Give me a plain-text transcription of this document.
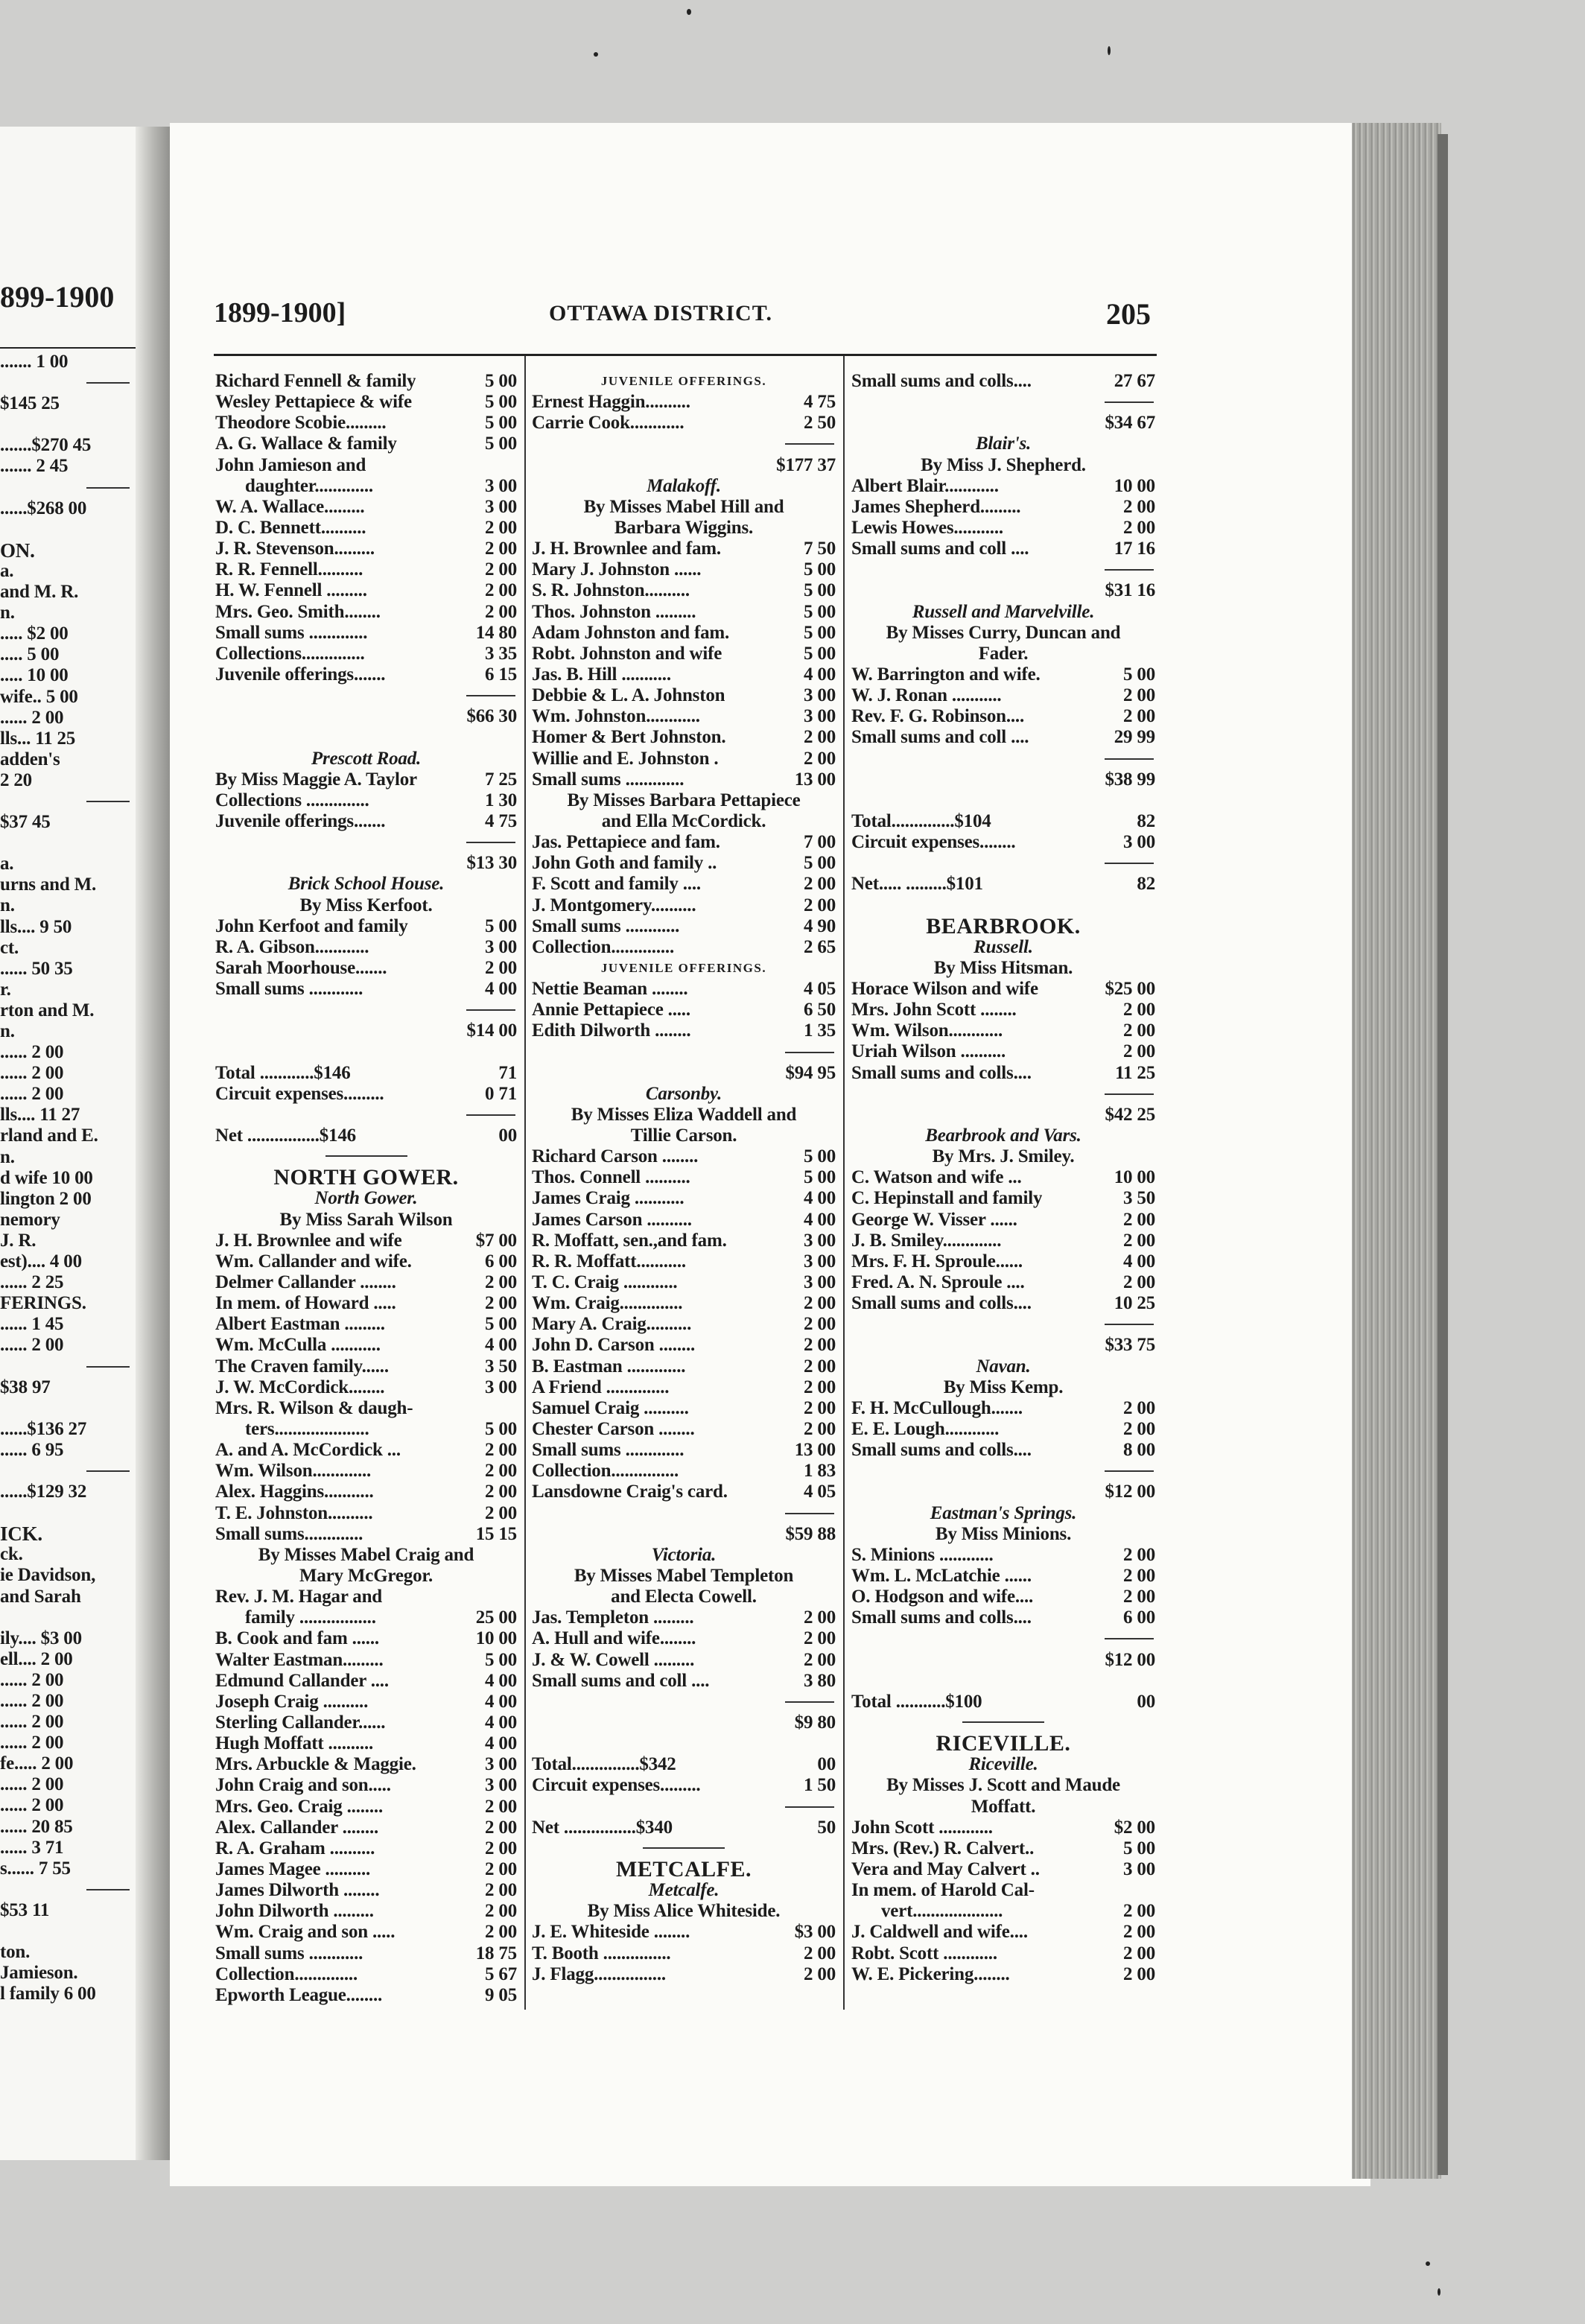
899-1900
....... 1 00
$145 25
.......$270 45
....... 2 45
......$268 00
ON.
a.
and M. R.
n.
..... $2 00
..... 5 00
..... 10 00
wife.. 5 00
...... 2 00
lls... 11 25
adden's
2 20
$37 45
a.
urns and M.
n.
lls.... 9 50
ct.
...... 50 35
r.
rton and M.
n.
...... 2 00
...... 2 00
...... 2 00
lls.... 11 27
rland and E.
n.
d wife 10 00
lington 2 00
nemory
J. R.
est).... 4 00
...... 2 25
FERINGS.
...... 1 45
...... 2 00
$38 97
......$136 27
...... 6 95
......$129 32
ICK.
ck.
ie Davidson,
and Sarah
ily.... $3 00
ell.... 2 00
...... 2 00
...... 2 00
...... 2 00
...... 2 00
fe..... 2 00
...... 2 00
...... 2 00
...... 20 85
...... 3 71
s...... 7 55
$53 11
ton.
Jamieson.
l family 6 00
1899-1900]	OTTAWA DISTRICT.	205
Richard Fennell & family	5 00
Wesley Pettapiece & wife	5 00
Theodore Scobie.........	5 00
A. G. Wallace & family	5 00
John Jamieson and
daughter.............	3 00
W. A. Wallace.........	3 00
D. C. Bennett..........	2 00
J. R. Stevenson.........	2 00
R. R. Fennell..........	2 00
H. W. Fennell .........	2 00
Mrs. Geo. Smith........	2 00
Small sums .............	14 80
Collections..............	3 35
Juvenile offerings.......	6 15
$66 30
Prescott Road.
By Miss Maggie A. Taylor	7 25
Collections ..............	1 30
Juvenile offerings.......	4 75
$13 30
Brick School House.
By Miss Kerfoot.
John Kerfoot and family	5 00
R. A. Gibson............	3 00
Sarah Moorhouse.......	2 00
Small sums ............	4 00
$14 00
Total ............$146	71
Circuit expenses.........	0 71
Net ................$146	00
NORTH GOWER.
North Gower.
By Miss Sarah Wilson
J. H. Brownlee and wife	$7 00
Wm. Callander and wife.	6 00
Delmer Callander ........	2 00
In mem. of Howard .....	2 00
Albert Eastman .........	5 00
Wm. McCulla ...........	4 00
The Craven family......	3 50
J. W. McCordick........	3 00
Mrs. R. Wilson & daugh-
ters.....................	5 00
A. and A. McCordick ...	2 00
Wm. Wilson.............	2 00
Alex. Haggins...........	2 00
T. E. Johnston..........	2 00
Small sums.............	15 15
By Misses Mabel Craig and
Mary McGregor.
Rev. J. M. Hagar and
family .................	25 00
B. Cook and fam ......	10 00
Walter Eastman.........	5 00
Edmund Callander ....	4 00
Joseph Craig ..........	4 00
Sterling Callander......	4 00
Hugh Moffatt ..........	4 00
Mrs. Arbuckle & Maggie.	3 00
John Craig and son.....	3 00
Mrs. Geo. Craig ........	2 00
Alex. Callander ........	2 00
R. A. Graham ..........	2 00
James Magee ..........	2 00
James Dilworth ........	2 00
John Dilworth .........	2 00
Wm. Craig and son .....	2 00
Small sums ............	18 75
Collection..............	5 67
Epworth League........	9 05
JUVENILE OFFERINGS.
Ernest Haggin..........	4 75
Carrie Cook............	2 50
$177 37
Malakoff.
By Misses Mabel Hill and
Barbara Wiggins.
J. H. Brownlee and fam.	7 50
Mary J. Johnston ......	5 00
S. R. Johnston..........	5 00
Thos. Johnston .........	5 00
Adam Johnston and fam.	5 00
Robt. Johnston and wife	5 00
Jas. B. Hill ...........	4 00
Debbie & L. A. Johnston	3 00
Wm. Johnston............	3 00
Homer & Bert Johnston.	2 00
Willie and E. Johnston .	2 00
Small sums .............	13 00
By Misses Barbara Pettapiece
and Ella McCordick.
Jas. Pettapiece and fam.	7 00
John Goth and family ..	5 00
F. Scott and family ....	2 00
J. Montgomery..........	2 00
Small sums ............	4 90
Collection..............	2 65
JUVENILE OFFERINGS.
Nettie Beaman ........	4 05
Annie Pettapiece .....	6 50
Edith Dilworth ........	1 35
$94 95
Carsonby.
By Misses Eliza Waddell and
Tillie Carson.
Richard Carson ........	5 00
Thos. Connell ..........	5 00
James Craig ...........	4 00
James Carson ..........	4 00
R. Moffatt, sen.,and fam.	3 00
R. R. Moffatt...........	3 00
T. C. Craig ............	3 00
Wm. Craig..............	2 00
Mary A. Craig..........	2 00
John D. Carson ........	2 00
B. Eastman .............	2 00
A Friend ..............	2 00
Samuel Craig ..........	2 00
Chester Carson ........	2 00
Small sums .............	13 00
Collection...............	1 83
Lansdowne Craig's card.	4 05
$59 88
Victoria.
By Misses Mabel Templeton
and Electa Cowell.
Jas. Templeton .........	2 00
A. Hull and wife........	2 00
J. & W. Cowell .........	2 00
Small sums and coll ....	3 80
$9 80
Total...............$342	00
Circuit expenses.........	1 50
Net ................$340	50
METCALFE.
Metcalfe.
By Miss Alice Whiteside.
J. E. Whiteside ........	$3 00
T. Booth ...............	2 00
J. Flagg................	2 00
Small sums and colls....	27 67
$34 67
Blair's.
By Miss J. Shepherd.
Albert Blair............	10 00
James Shepherd.........	2 00
Lewis Howes...........	2 00
Small sums and coll ....	17 16
$31 16
Russell and Marvelville.
By Misses Curry, Duncan and
Fader.
W. Barrington and wife.	5 00
W. J. Ronan ...........	2 00
Rev. F. G. Robinson....	2 00
Small sums and coll ....	29 99
$38 99
Total..............$104	82
Circuit expenses........	3 00
Net..... .........$101	82
BEARBROOK.
Russell.
By Miss Hitsman.
Horace Wilson and wife	$25 00
Mrs. John Scott ........	2 00
Wm. Wilson............	2 00
Uriah Wilson ..........	2 00
Small sums and colls....	11 25
$42 25
Bearbrook and Vars.
By Mrs. J. Smiley.
C. Watson and wife ...	10 00
C. Hepinstall and family	3 50
George W. Visser ......	2 00
J. B. Smiley.............	2 00
Mrs. F. H. Sproule......	4 00
Fred. A. N. Sproule ....	2 00
Small sums and colls....	10 25
$33 75
Navan.
By Miss Kemp.
F. H. McCullough.......	2 00
E. E. Lough............	2 00
Small sums and colls....	8 00
$12 00
Eastman's Springs.
By Miss Minions.
S. Minions ............	2 00
Wm. L. McLatchie ......	2 00
O. Hodgson and wife....	2 00
Small sums and colls....	6 00
$12 00
Total ...........$100	00
RICEVILLE.
Riceville.
By Misses J. Scott and Maude
Moffatt.
John Scott ............	$2 00
Mrs. (Rev.) R. Calvert..	5 00
Vera and May Calvert ..	3 00
In mem. of Harold Cal-
vert....................	2 00
J. Caldwell and wife....	2 00
Robt. Scott ............	2 00
W. E. Pickering........	2 00
